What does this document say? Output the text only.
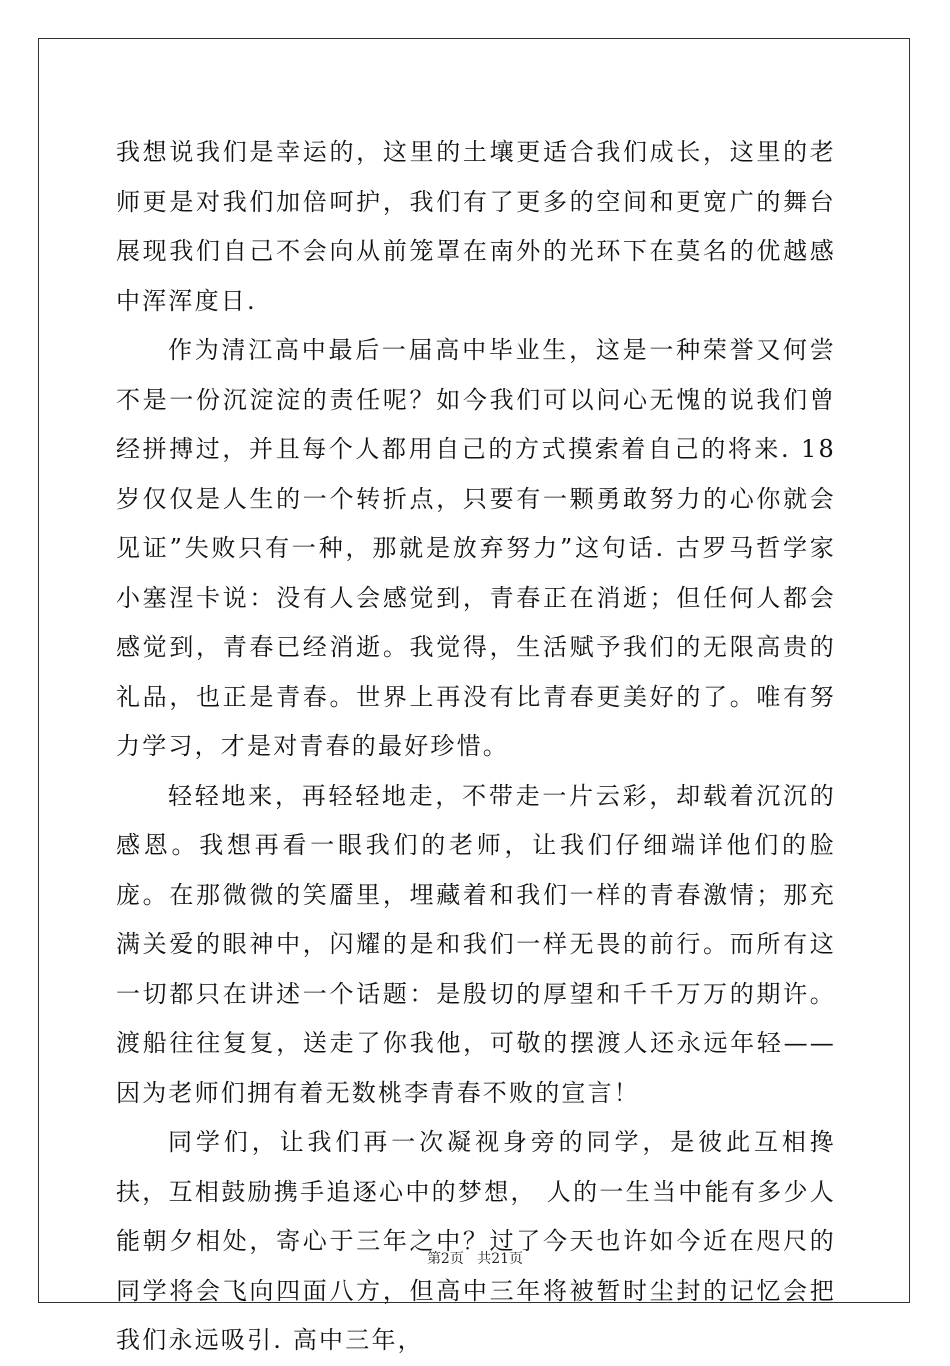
我想说我们是幸运的，这里的土壤更适合我们成长，这里的老师更是对我们加倍呵护，我们有了更多的空间和更宽广的舞台展现我们自己不会向从前笼罩在南外的光环下在莫名的优越感中浑浑度日.

作为清江高中最后一届高中毕业生，这是一种荣誉又何尝不是一份沉淀淀的责任呢？如今我们可以问心无愧的说我们曾经拼搏过，并且每个人都用自己的方式摸索着自己的将来. 18岁仅仅是人生的一个转折点，只要有一颗勇敢努力的心你就会见证”失败只有一种，那就是放弃努力”这句话. 古罗马哲学家小塞涅卡说：没有人会感觉到，青春正在消逝；但任何人都会感觉到，青春已经消逝。我觉得，生活赋予我们的无限高贵的礼品，也正是青春。世界上再没有比青春更美好的了。唯有努力学习，才是对青春的最好珍惜。

轻轻地来，再轻轻地走，不带走一片云彩，却载着沉沉的感恩。我想再看一眼我们的老师，让我们仔细端详他们的脸庞。在那微微的笑靥里，埋藏着和我们一样的青春激情；那充满关爱的眼神中，闪耀的是和我们一样无畏的前行。而所有这一切都只在讲述一个话题：是殷切的厚望和千千万万的期许。渡船往往复复，送走了你我他，可敬的摆渡人还永远年轻——因为老师们拥有着无数桃李青春不败的宣言！

同学们，让我们再一次凝视身旁的同学，是彼此互相搀扶，互相鼓励携手追逐心中的梦想， 人的一生当中能有多少人能朝夕相处，寄心于三年之中？过了今天也许如今近在咫尺的同学将会飞向四面八方，但高中三年将被暂时尘封的记忆会把我们永远吸引. 高中三年，

第2页 共21页
